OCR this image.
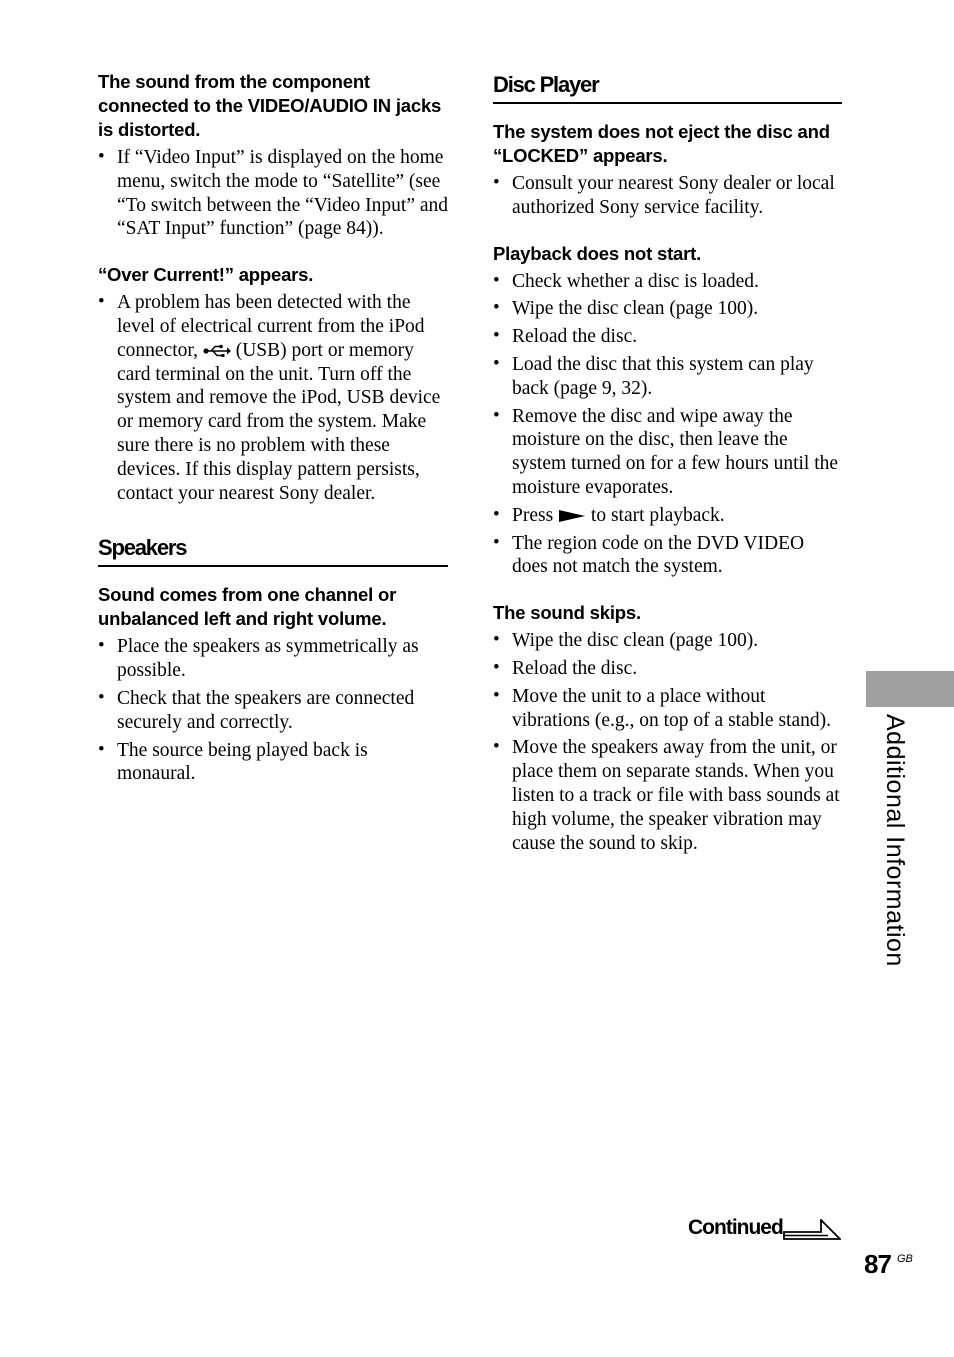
The sound from the component connected to the VIDEO/AUDIO IN jacks is distorted.
• If “Video Input” is displayed on the home menu, switch the mode to “Satellite” (see “To switch between the “Video Input” and “SAT Input” function” (page 84)).
“Over Current!” appears.
• A problem has been detected with the level of electrical current from the iPod connector, (USB) port or memory card terminal on the unit. Turn off the system and remove the iPod, USB device or memory card from the system. Make sure there is no problem with these devices. If this display pattern persists, contact your nearest Sony dealer.
Speakers
Sound comes from one channel or unbalanced left and right volume.
• Place the speakers as symmetrically as possible.
• Check that the speakers are connected securely and correctly.
• The source being played back is monaural.
Disc Player
The system does not eject the disc and “LOCKED” appears.
• Consult your nearest Sony dealer or local authorized Sony service facility.
Playback does not start.
• Check whether a disc is loaded.
• Wipe the disc clean (page 100).
• Reload the disc.
• Load the disc that this system can play back (page 9, 32).
• Remove the disc and wipe away the moisture on the disc, then leave the system turned on for a few hours until the moisture evaporates.
• Press to start playback.
• The region code on the DVD VIDEO does not match the system.
The sound skips.
• Wipe the disc clean (page 100).
• Reload the disc.
• Move the unit to a place without vibrations (e.g., on top of a stable stand).
• Move the speakers away from the unit, or place them on separate stands. When you listen to a track or file with bass sounds at high volume, the speaker vibration may cause the sound to skip.	Additional Information
Continued
87 GB
